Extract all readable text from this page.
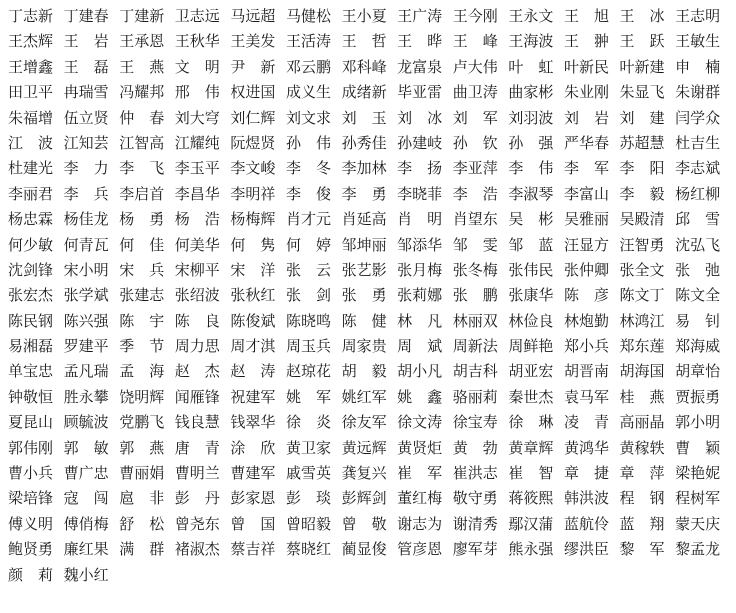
丁志新 丁建春 丁建新 卫志远 马远超 马健松 王小夏 王广涛 王今刚 王永文 王　旭 王　冰 王志明
王杰辉 王　岩 王承恩 王秋华 王美发 王活涛 王　哲 王　晔 王　峰 王海波 王　翀 王　跃 王敏生
王增鑫 王　磊 王　燕 文　明 尹　新 邓云鹏 邓科峰 龙富泉 卢大伟 叶　虹 叶新民 叶新建 申　楠
田卫平 冉瑞雪 冯耀邦 邢　伟 权进国 成义生 成绪新 毕亚雷 曲卫涛 曲家彬 朱业刚 朱显飞 朱谢群
朱福增 伍立贤 仲　春 刘大穹 刘仁辉 刘文求 刘　玉 刘　冰 刘　军 刘羽波 刘　岩 刘　建 闫学众
江　波 江知芸 江智高 江耀纯 阮煜贤 孙　伟 孙秀佳 孙建岐 孙　钦 孙　强 严华春 苏超慧 杜吉生
杜建光 李　力 李　飞 李玉平 李文峻 李　冬 李加林 李　扬 李亚萍 李　伟 李　军 李　阳 李志斌
李丽君 李　兵 李启首 李昌华 李明祥 李　俊 李　勇 李晓菲 李　浩 李淑琴 李富山 李　毅 杨红柳
杨忠霖 杨佳龙 杨　勇 杨　浩 杨梅辉 肖才元 肖延高 肖　明 肖望东 吴　彬 吴雅丽 吴殿清 邱　雪
何少敏 何青瓦 何　佳 何美华 何　隽 何　婷 邹坤丽 邹添华 邹　雯 邹　蓝 汪显方 汪智勇 沈弘飞
沈剑锋 宋小明 宋　兵 宋柳平 宋　洋 张　云 张艺影 张月梅 张冬梅 张伟民 张仲卿 张全文 张　弛
张宏杰 张学斌 张建志 张绍波 张秋红 张　剑 张　勇 张莉娜 张　鹏 张康华 陈　彦 陈文丁 陈文全
陈民钢 陈兴强 陈　宇 陈　良 陈俊斌 陈晓鸣 陈　健 林　凡 林丽双 林俭良 林炮勤 林鸿江 易　钊
易湘磊 罗建平 季　节 周力思 周才淇 周玉兵 周家贵 周　斌 周新法 周鲜艳 郑小兵 郑东莲 郑海威
单宝忠 孟凡瑞 孟　海 赵　杰 赵　涛 赵琼花 胡　毅 胡小凡 胡吉科 胡亚宏 胡晋南 胡海国 胡章怡
钟敬恒 胜永攀 饶明辉 闻雁锋 祝建军 姚　军 姚红军 姚　鑫 骆丽莉 秦世杰 袁马军 桂　燕 贾振勇
夏昆山 顾毓波 党鹏飞 钱良慧 钱翠华 徐　炎 徐友军 徐文涛 徐宝寿 徐　琳 凌　青 高丽晶 郭小明
郭伟刚 郭　敏 郭　燕 唐　青 涂　欣 黄卫家 黄远辉 黄贤炬 黄　勃 黄章辉 黄鸿华 黄稼轶 曹　颖
曹小兵 曹广忠 曹丽娟 曹明兰 曹建军 戚雪英 龚复兴 崔　军 崔洪志 崔　智 章　捷 章　萍 梁艳妮
梁培锋 寇　闯 扈　非 彭　丹 彭家恩 彭　琰 彭辉剑 董红梅 敬守勇 蒋筱熙 韩洪波 程　钢 程树军
傅义明 傅俏梅 舒　松 曾尧东 曾　国 曾昭毅 曾　敬 谢志为 谢清秀 鄢汉蒲 蓝航伶 蓝　翔 蒙天庆
鲍贤勇 廉红果 满　群 褚淑杰 蔡吉祥 蔡晓红 蔺显俊 管彦恩 廖军芽 熊永强 缪洪臣 黎　军 黎孟龙
颜　莉 魏小红
